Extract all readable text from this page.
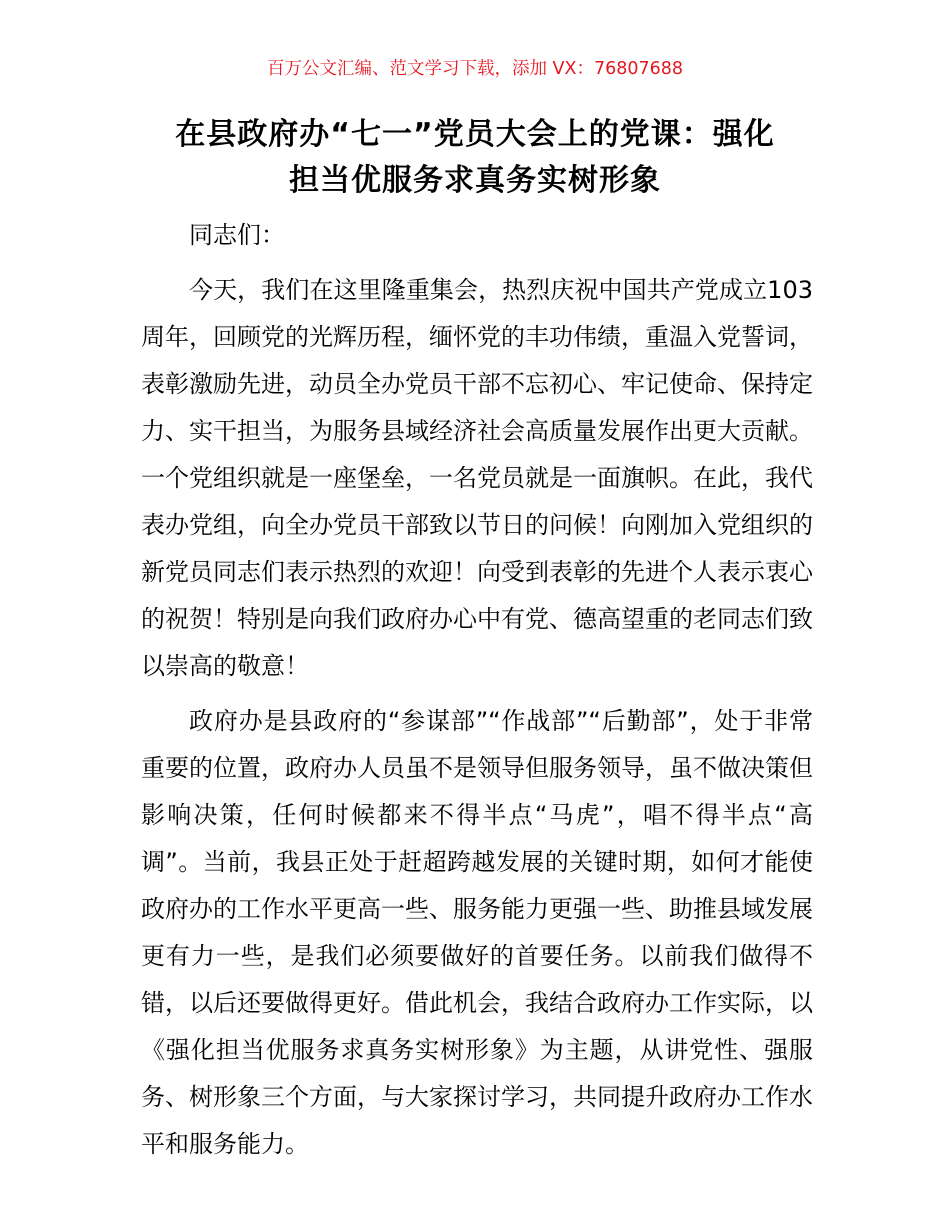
百万公文汇编、范文学习下载，添加 VX：76807688
在县政府办“七一”党员大会上的党课：强化
担当优服务求真务实树形象

同志们：

今天，我们在这里隆重集会，热烈庆祝中国共产党成立103周年，回顾党的光辉历程，缅怀党的丰功伟绩，重温入党誓词，表彰激励先进，动员全办党员干部不忘初心、牢记使命、保持定力、实干担当，为服务县域经济社会高质量发展作出更大贡献。一个党组织就是一座堡垒，一名党员就是一面旗帜。在此，我代表办党组，向全办党员干部致以节日的问候！向刚加入党组织的新党员同志们表示热烈的欢迎！向受到表彰的先进个人表示衷心的祝贺！特别是向我们政府办心中有党、德高望重的老同志们致以崇高的敬意！

政府办是县政府的“参谋部”“作战部”“后勤部”，处于非常重要的位置，政府办人员虽不是领导但服务领导，虽不做决策但影响决策，任何时候都来不得半点“马虎”，唱不得半点“高调”。当前，我县正处于赶超跨越发展的关键时期，如何才能使政府办的工作水平更高一些、服务能力更强一些、助推县域发展更有力一些，是我们必须要做好的首要任务。以前我们做得不错，以后还要做得更好。借此机会，我结合政府办工作实际，以《强化担当优服务求真务实树形象》为主题，从讲党性、强服务、树形象三个方面，与大家探讨学习，共同提升政府办工作水平和服务能力。
